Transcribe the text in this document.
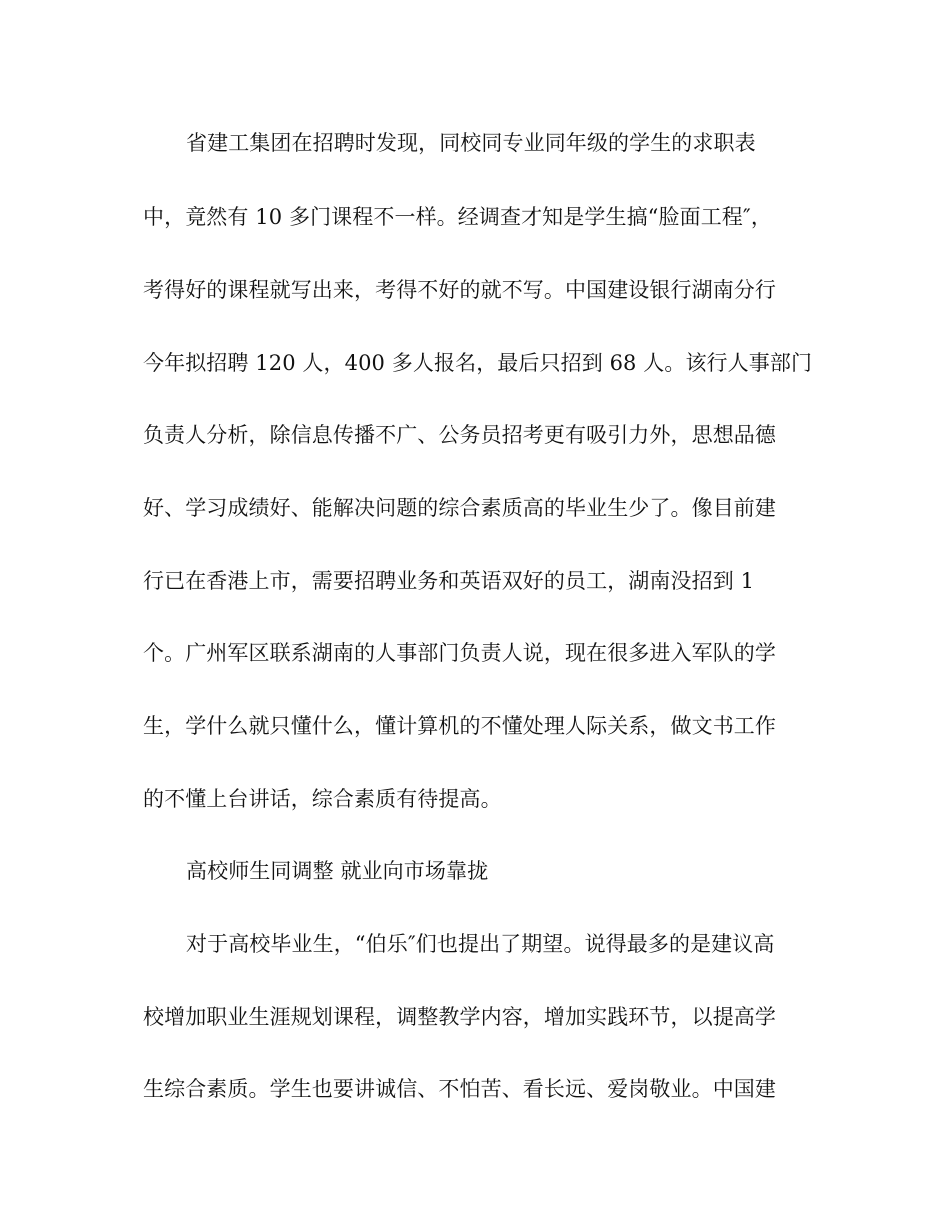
省建工集团在招聘时发现，同校同专业同年级的学生的求职表
中，竟然有 10 多门课程不一样。经调查才知是学生搞“脸面工程″，
考得好的课程就写出来，考得不好的就不写。中国建设银行湖南分行
今年拟招聘 120 人，400 多人报名，最后只招到 68 人。该行人事部门
负责人分析，除信息传播不广、公务员招考更有吸引力外，思想品德
好、学习成绩好、能解决问题的综合素质高的毕业生少了。像目前建
行已在香港上市，需要招聘业务和英语双好的员工，湖南没招到 1
个。广州军区联系湖南的人事部门负责人说，现在很多进入军队的学
生，学什么就只懂什么，懂计算机的不懂处理人际关系，做文书工作
的不懂上台讲话，综合素质有待提高。
高校师生同调整 就业向市场靠拢
对于高校毕业生，“伯乐″们也提出了期望。说得最多的是建议高
校增加职业生涯规划课程，调整教学内容，增加实践环节，以提高学
生综合素质。学生也要讲诚信、不怕苦、看长远、爱岗敬业。中国建
